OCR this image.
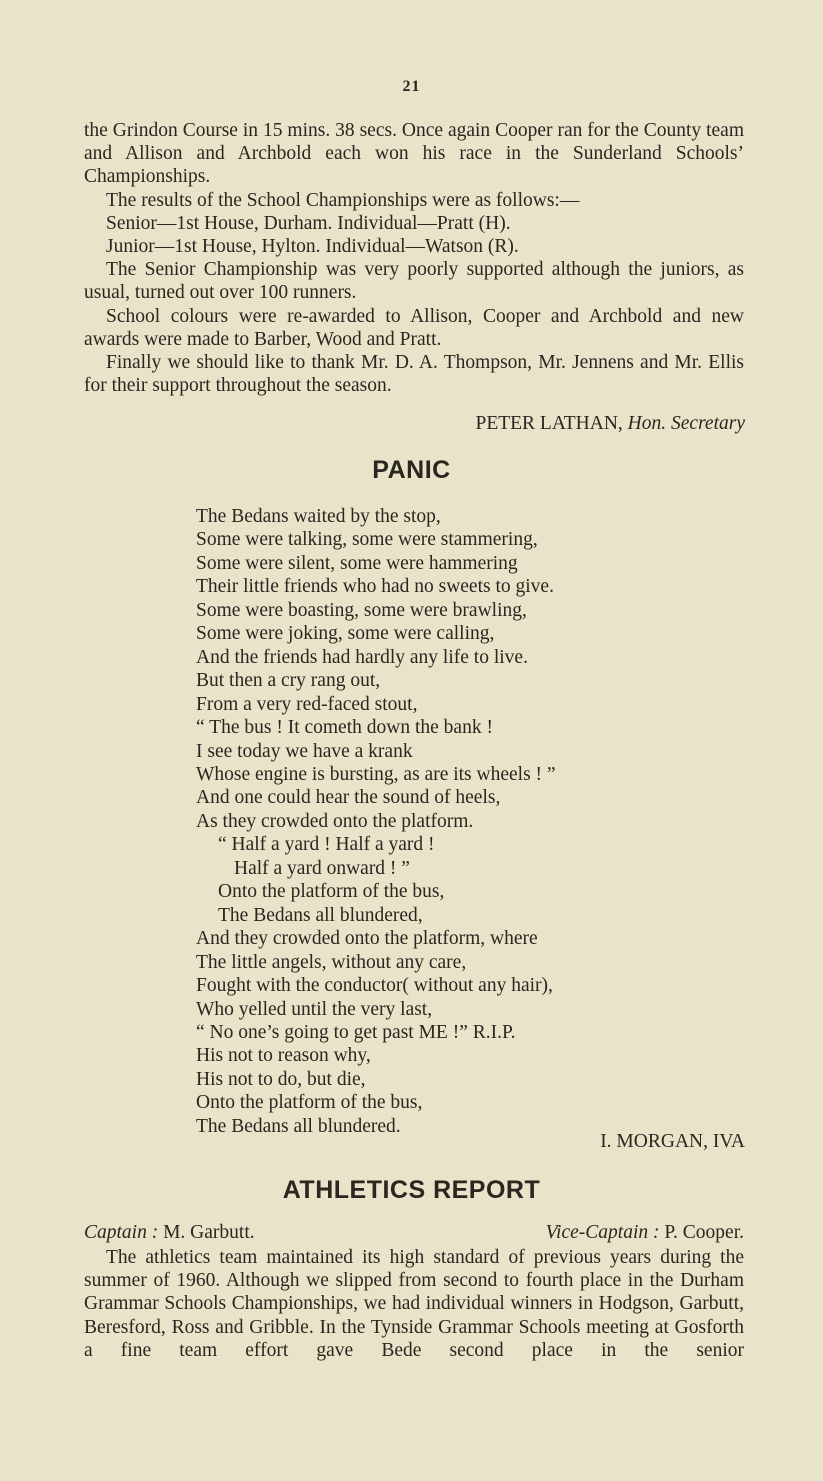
21

the Grindon Course in 15 mins. 38 secs. Once again Cooper ran for the County team and Allison and Archbold each won his race in the Sunderland Schools’ Championships.

The results of the School Championships were as follows:—

Senior—1st House, Durham. Individual—Pratt (H).

Junior—1st House, Hylton. Individual—Watson (R).

The Senior Championship was very poorly supported although the juniors, as usual, turned out over 100 runners.

School colours were re-awarded to Allison, Cooper and Archbold and new awards were made to Barber, Wood and Pratt.

Finally we should like to thank Mr. D. A. Thompson, Mr. Jennens and Mr. Ellis for their support throughout the season.

PETER LATHAN, Hon. Secretary
PANIC
The Bedans waited by the stop,
Some were talking, some were stammering,
Some were silent, some were hammering
Their little friends who had no sweets to give.
Some were boasting, some were brawling,
Some were joking, some were calling,
And the friends had hardly any life to live.
But then a cry rang out,
From a very red-faced stout,
“ The bus ! It cometh down the bank !
I see today we have a krank
Whose engine is bursting, as are its wheels ! ”
And one could hear the sound of heels,
As they crowded onto the platform.
“ Half a yard ! Half a yard !
Half a yard onward ! ”
Onto the platform of the bus,
The Bedans all blundered,
And they crowded onto the platform, where
The little angels, without any care,
Fought with the conductor( without any hair),
Who yelled until the very last,
“ No one’s going to get past ME !” R.I.P.
His not to reason why,
His not to do, but die,
Onto the platform of the bus,
The Bedans all blundered.
I. MORGAN, IVA
ATHLETICS REPORT
Captain : M. Garbutt.	Vice-Captain : P. Cooper.

The athletics team maintained its high standard of previous years during the summer of 1960. Although we slipped from second to fourth place in the Durham Grammar Schools Championships, we had individual winners in Hodgson, Garbutt, Beresford, Ross and Gribble. In the Tynside Grammar Schools meeting at Gosforth a fine team effort gave Bede second place in the senior
